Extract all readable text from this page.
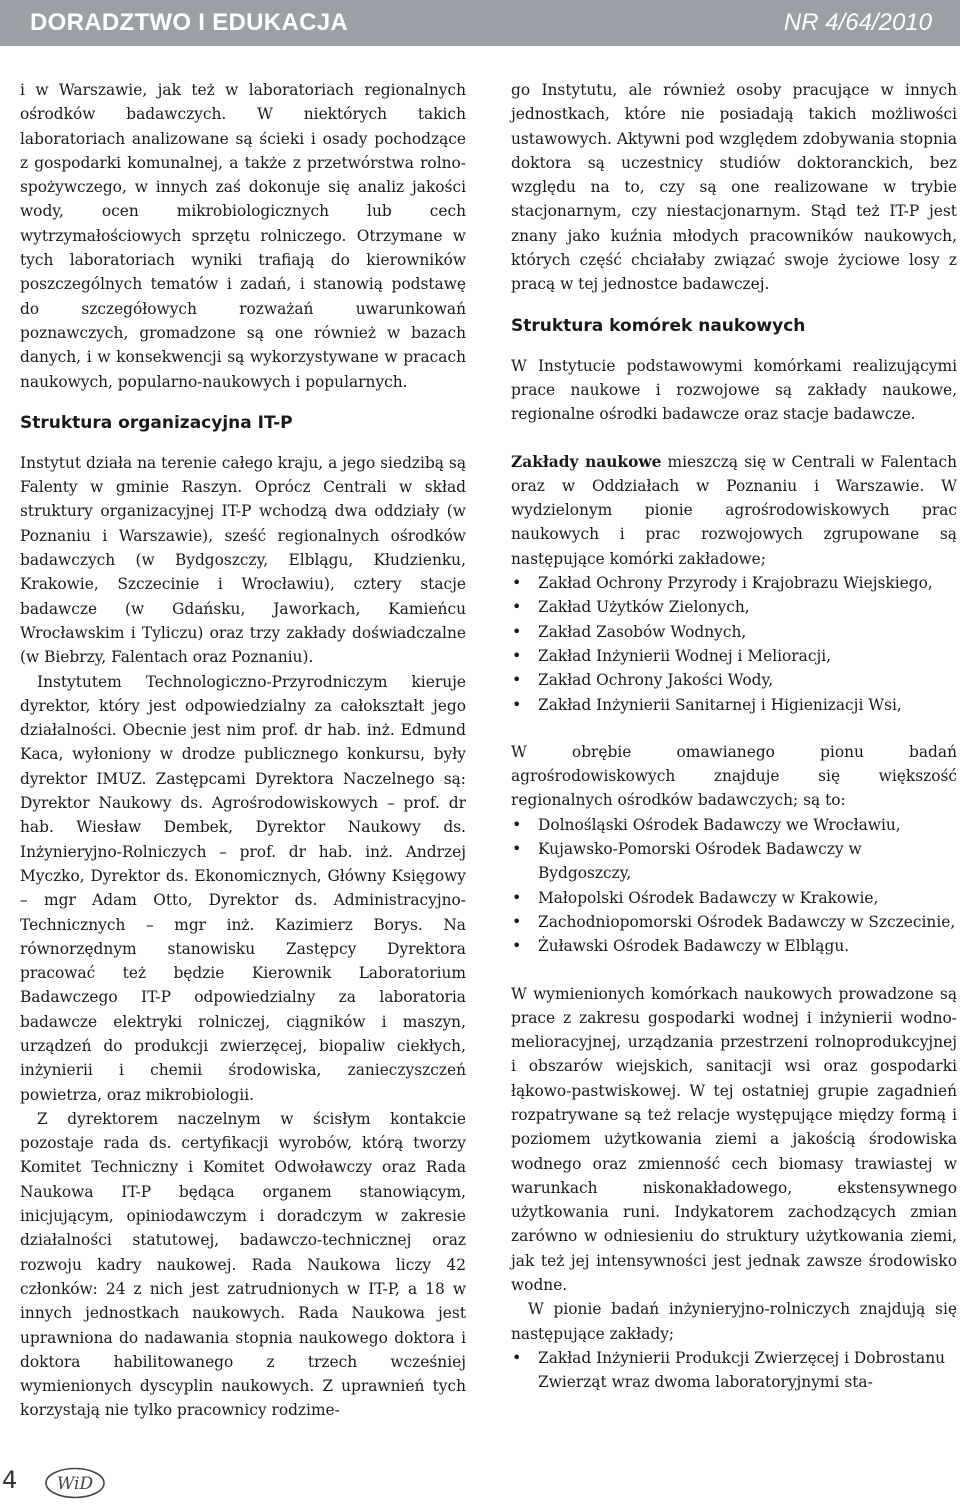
DORADZTWO I EDUKACJA	NR 4/64/2010

i w Warszawie, jak też w laboratoriach regionalnych ośrodków badawczych. W niektórych takich laboratoriach analizowane są ścieki i osady pochodzące z gospodarki komunalnej, a także z przetwórstwa rolno-spożywczego, w innych zaś dokonuje się analiz jakości wody, ocen mikrobiologicznych lub cech wytrzymałościowych sprzętu rolniczego. Otrzymane w tych laboratoriach wyniki trafiają do kierowników poszczególnych tematów i zadań, i stanowią podstawę do szczegółowych rozważań uwarunkowań poznawczych, gromadzone są one również w bazach danych, i w konsekwencji są wykorzystywane w pracach naukowych, popularno-naukowych i popularnych.

Struktura organizacyjna IT-P

Instytut działa na terenie całego kraju, a jego siedzibą są Falenty w gminie Raszyn. Oprócz Centrali w skład struktury organizacyjnej IT-P wchodzą dwa oddziały (w Poznaniu i Warszawie), sześć regionalnych ośrodków badawczych (w Bydgoszczy, Elblągu, Kłudzienku, Krakowie, Szczecinie i Wrocławiu), cztery stacje badawcze (w Gdańsku, Jaworkach, Kamieńcu Wrocławskim i Tyliczu) oraz trzy zakłady doświadczalne (w Biebrzy, Falentach oraz Poznaniu).

Instytutem Technologiczno-Przyrodniczym kieruje dyrektor, który jest odpowiedzialny za całokształt jego działalności. Obecnie jest nim prof. dr hab. inż. Edmund Kaca, wyłoniony w drodze publicznego konkursu, były dyrektor IMUZ. Zastępcami Dyrektora Naczelnego są: Dyrektor Naukowy ds. Agrośrodowiskowych – prof. dr hab. Wiesław Dembek, Dyrektor Naukowy ds. Inżynieryjno-Rolniczych – prof. dr hab. inż. Andrzej Myczko, Dyrektor ds. Ekonomicznych, Główny Księgowy – mgr Adam Otto, Dyrektor ds. Administracyjno-Technicznych – mgr inż. Kazimierz Borys. Na równorzędnym stanowisku Zastępcy Dyrektora pracować też będzie Kierownik Laboratorium Badawczego IT-P odpowiedzialny za laboratoria badawcze elektryki rolniczej, ciągników i maszyn, urządzeń do produkcji zwierzęcej, biopaliw ciekłych, inżynierii i chemii środowiska, zanieczyszczeń powietrza, oraz mikrobiologii.

Z dyrektorem naczelnym w ścisłym kontakcie pozostaje rada ds. certyfikacji wyrobów, którą tworzy Komitet Techniczny i Komitet Odwoławczy oraz Rada Naukowa IT-P będąca organem stanowiącym, inicjującym, opiniodawczym i doradczym w zakresie działalności statutowej, badawczo-technicznej oraz rozwoju kadry naukowej. Rada Naukowa liczy 42 członków: 24 z nich jest zatrudnionych w IT-P, a 18 w innych jednostkach naukowych. Rada Naukowa jest uprawniona do nadawania stopnia naukowego doktora i doktora habilitowanego z trzech wcześniej wymienionych dyscyplin naukowych. Z uprawnień tych korzystają nie tylko pracownicy rodzime-

go Instytutu, ale również osoby pracujące w innych jednostkach, które nie posiadają takich możliwości ustawowych. Aktywni pod względem zdobywania stopnia doktora są uczestnicy studiów doktoranckich, bez względu na to, czy są one realizowane w trybie stacjonarnym, czy niestacjonarnym. Stąd też IT-P jest znany jako kuźnia młodych pracowników naukowych, których część chciałaby związać swoje życiowe losy z pracą w tej jednostce badawczej.

Struktura komórek naukowych

W Instytucie podstawowymi komórkami realizującymi prace naukowe i rozwojowe są zakłady naukowe, regionalne ośrodki badawcze oraz stacje badawcze.

Zakłady naukowe mieszczą się w Centrali w Falentach oraz w Oddziałach w Poznaniu i Warszawie. W wydzielonym pionie agrośrodowiskowych prac naukowych i prac rozwojowych zgrupowane są następujące komórki zakładowe;

• Zakład Ochrony Przyrody i Krajobrazu Wiejskiego,
• Zakład Użytków Zielonych,
• Zakład Zasobów Wodnych,
• Zakład Inżynierii Wodnej i Melioracji,
• Zakład Ochrony Jakości Wody,
• Zakład Inżynierii Sanitarnej i Higienizacji Wsi,

W obrębie omawianego pionu badań agrośrodowiskowych znajduje się większość regionalnych ośrodków badawczych; są to:

• Dolnośląski Ośrodek Badawczy we Wrocławiu,
• Kujawsko-Pomorski Ośrodek Badawczy w Bydgoszczy,
• Małopolski Ośrodek Badawczy w Krakowie,
• Zachodniopomorski Ośrodek Badawczy w Szczecinie,
• Żuławski Ośrodek Badawczy w Elblągu.

W wymienionych komórkach naukowych prowadzone są prace z zakresu gospodarki wodnej i inżynierii wodno-melioracyjnej, urządzania przestrzeni rolnoprodukcyjnej i obszarów wiejskich, sanitacji wsi oraz gospodarki łąkowo-pastwiskowej. W tej ostatniej grupie zagadnień rozpatrywane są też relacje występujące między formą i poziomem użytkowania ziemi a jakością środowiska wodnego oraz zmienność cech biomasy trawiastej w warunkach niskonakładowego, ekstensywnego użytkowania runi. Indykatorem zachodzących zmian zarówno w odniesieniu do struktury użytkowania ziemi, jak też jej intensywności jest jednak zawsze środowisko wodne.

W pionie badań inżynieryjno-rolniczych znajdują się następujące zakłady;

• Zakład Inżynierii Produkcji Zwierzęcej i Dobrostanu Zwierząt wraz dwoma laboratoryjnymi sta-
4 WiD
